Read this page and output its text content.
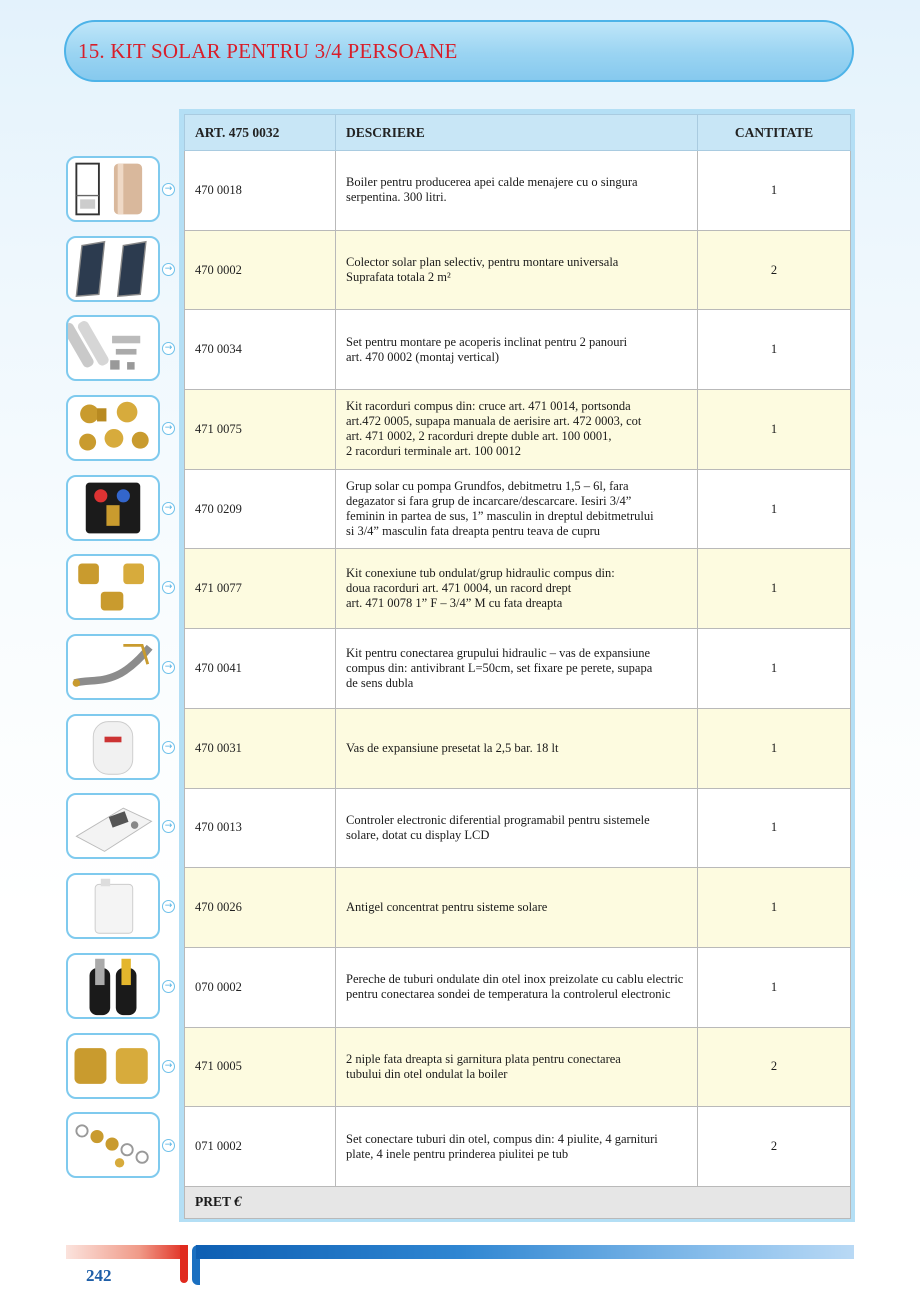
15. KIT SOLAR PENTRU 3/4 PERSOANE
ART. 475 0032	DESCRIERE	CANTITATE
470 0018	Boiler pentru producerea apei calde menajere cu o singura
serpentina. 300 litri.	1
470 0002	Colector solar plan selectiv, pentru montare universala
Suprafata totala 2 m²	2
470 0034	Set pentru montare pe acoperis inclinat pentru 2 panouri
art. 470 0002 (montaj vertical)	1
471 0075	Kit racorduri compus din: cruce art. 471 0014, portsonda
art.472 0005, supapa manuala de aerisire art. 472 0003, cot
art. 471 0002, 2 racorduri drepte duble art. 100 0001,
2 racorduri terminale art. 100 0012	1
470 0209	Grup solar cu pompa Grundfos, debitmetru 1,5 – 6l, fara
degazator si fara grup de incarcare/descarcare. Iesiri 3/4”
feminin in partea de sus, 1” masculin in dreptul debitmetrului
si 3/4” masculin fata dreapta pentru teava de cupru	1
471 0077	Kit conexiune tub ondulat/grup hidraulic compus din:
doua racorduri art. 471 0004, un racord drept
art. 471 0078 1” F – 3/4” M cu fata dreapta	1
470 0041	Kit pentru conectarea grupului hidraulic – vas de expansiune
compus din: antivibrant L=50cm, set fixare pe perete, supapa
de sens dubla	1
470 0031	Vas de expansiune presetat la 2,5 bar. 18 lt	1
470 0013	Controler electronic diferential programabil pentru sistemele
solare, dotat cu display LCD	1
470 0026	Antigel concentrat pentru sisteme solare	1
070 0002	Pereche de tuburi ondulate din otel inox preizolate cu cablu electric
pentru conectarea sondei de temperatura la controlerul electronic	1
471 0005	2 niple fata dreapta si garnitura plata pentru conectarea
tubului din otel ondulat la boiler	2
071 0002	Set conectare tuburi din otel, compus din: 4 piulite, 4 garnituri
plate, 4 inele pentru prinderea piulitei pe tub	2
PRET €		
→
→
→
→
→
→
→
→
→
→
→
→
→
242
